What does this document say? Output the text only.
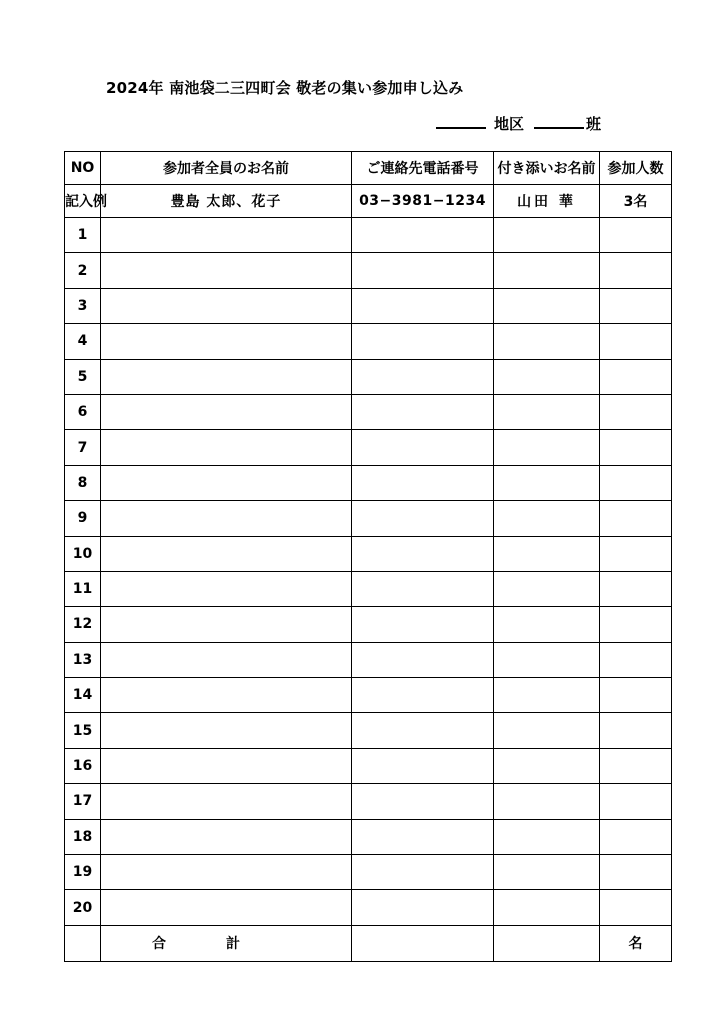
2024年 南池袋二三四町会 敬老の集い参加申し込み
地区	班
NO	参加者全員のお名前	ご連絡先電話番号	付き添いお名前	参加人数
記入例	豊島 太郎、花子	03−3981−1234	山田 華	3名
1				
2				
3				
4				
5				
6				
7				
8				
9				
10				
11				
12				
13				
14				
15				
16				
17				
18				
19				
20				
	合計			名
